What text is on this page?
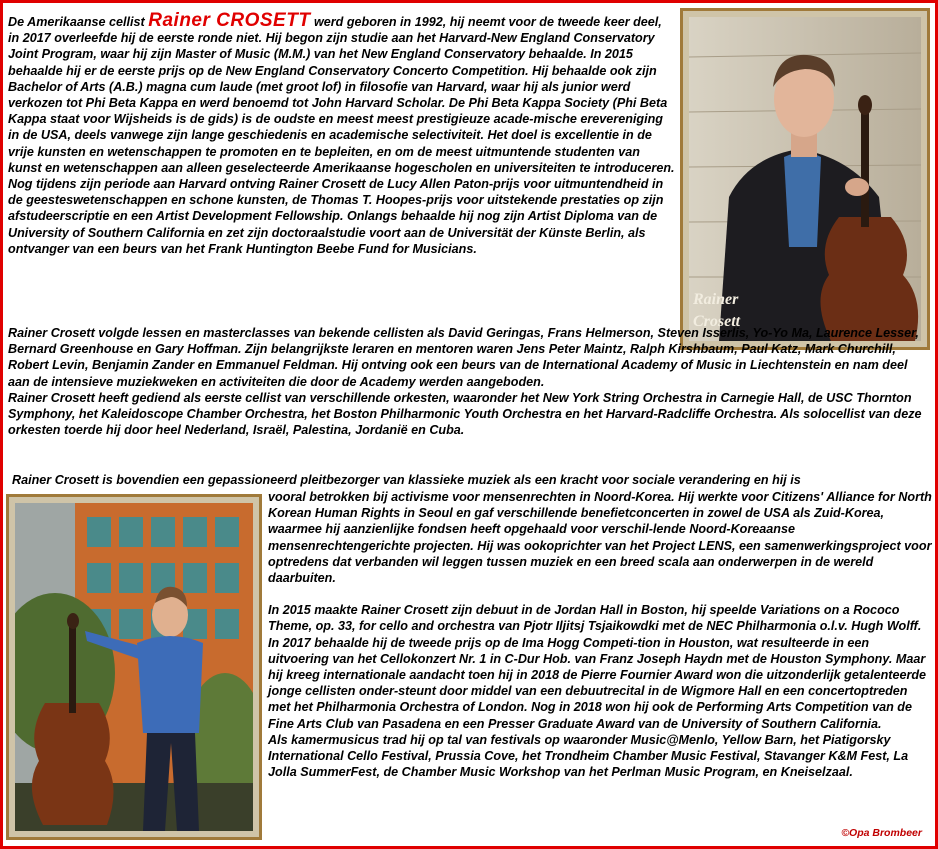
Rainer
Crosett

De Amerikaanse cellist Rainer CROSETT werd geboren in 1992, hij neemt voor de tweede keer deel, in 2017 overleefde hij de eerste ronde niet. Hij begon zijn studie aan het Harvard-New England Conservatory Joint Program, waar hij zijn Master of Music (M.M.) van het New England Conservatory behaalde. In 2015 behaalde hij er de eerste prijs op de New England Conservatory Concerto Competition. Hij behaalde ook zijn Bachelor of Arts (A.B.) magna cum laude (met groot lof) in filosofie van Harvard, waar hij als junior werd verkozen tot Phi Beta Kappa en werd benoemd tot John Harvard Scholar. De Phi Beta Kappa Society (Phi Beta Kappa staat voor Wijsheids is de gids) is de oudste en meest meest prestigieuze acade-mische erevereniging in de USA, deels vanwege zijn lange geschiedenis en academische selectiviteit. Het doel is excellentie in de vrije kunsten en wetenschappen te promoten en te bepleiten, en om de meest uitmuntende studenten van kunst en wetenschappen aan alleen geselecteerde Amerikaanse hogescholen en universiteiten te introduceren.

Nog tijdens zijn periode aan Harvard ontving Rainer Crosett de Lucy Allen Paton-prijs voor uitmuntendheid in de geesteswetenschappen en schone kunsten, de Thomas T. Hoopes-prijs voor uitstekende prestaties op zijn afstudeerscriptie en een Artist Development Fellowship. Onlangs behaalde hij nog zijn Artist Diploma van de University of Southern California en zet zijn doctoraalstudie voort aan de Universität der Künste Berlin, als ontvanger van een beurs van het Frank Huntington Beebe Fund for Musicians.

Rainer Crosett volgde lessen en masterclasses van bekende cellisten als David Geringas, Frans Helmerson, Steven Isserlis, Yo-Yo Ma, Laurence Lesser, Bernard Greenhouse en Gary Hoffman. Zijn belangrijkste leraren en mentoren waren Jens Peter Maintz, Ralph Kirshbaum, Paul Katz, Mark Churchill, Robert Levin, Benjamin Zander en Emmanuel Feldman. Hij ontving ook een beurs van de International Academy of Music in Liechtenstein en nam deel aan de intensieve muziekweken en activiteiten die door de Academy werden aangeboden.

Rainer Crosett heeft gediend als eerste cellist van verschillende orkesten, waaronder het New York String Orchestra in Carnegie Hall, de USC Thornton Symphony, het Kaleidoscope Chamber Orchestra, het Boston Philharmonic Youth Orchestra en het Harvard-Radcliffe Orchestra. Als solocellist van deze orkesten toerde hij door heel Nederland, Israël, Palestina, Jordanië en Cuba.

Rainer Crosett is bovendien een gepassioneerd pleitbezorger van klassieke muziek als een kracht voor sociale verandering en hij is

vooral betrokken bij activisme voor mensenrechten in Noord-Korea. Hij werkte voor Citizens' Alliance for North Korean Human Rights in Seoul en gaf verschillende benefietconcerten in zowel de USA als Zuid-Korea, waarmee hij aanzienlijke fondsen heeft opgehaald voor verschil-lende Noord-Koreaanse mensenrechtengerichte projecten. Hij was ookoprichter van het Project LENS, een samenwerkingsproject voor optredens dat verbanden wil leggen tussen muziek en een breed scala aan onderwerpen in de wereld daarbuiten.

In 2015 maakte Rainer Crosett zijn debuut in de Jordan Hall in Boston, hij speelde Variations on a Rococo Theme, op. 33, for cello and orchestra van Pjotr Iljitsj Tsjaikowdki met de NEC Philharmonia o.l.v. Hugh Wolff. In 2017 behaalde hij de tweede prijs op de Ima Hogg Competi-tion in Houston, wat resulteerde in een uitvoering van het Cellokonzert Nr. 1 in C-Dur Hob. van Franz Joseph Haydn met de Houston Symphony. Maar hij kreeg internationale aandacht toen hij in 2018 de Pierre Fournier Award won die uitzonderlijk getalenteerde jonge cellisten onder-steunt door middel van een debuutrecital in de Wigmore Hall en een concertoptreden met het Philharmonia Orchestra of London. Nog in 2018 won hij ook de Performing Arts Competition van de Fine Arts Club van Pasadena en een Presser Graduate Award van de University of Southern California.

Als kamermusicus trad hij op tal van festivals op waaronder Music@Menlo, Yellow Barn, het Piatigorsky International Cello Festival, Prussia Cove, het Trondheim Chamber Music Festival, Stavanger K&M Fest, La Jolla SummerFest, de Chamber Music Workshop van het Perlman Music Program, en Kneiselzaal.

©Opa Brombeer
